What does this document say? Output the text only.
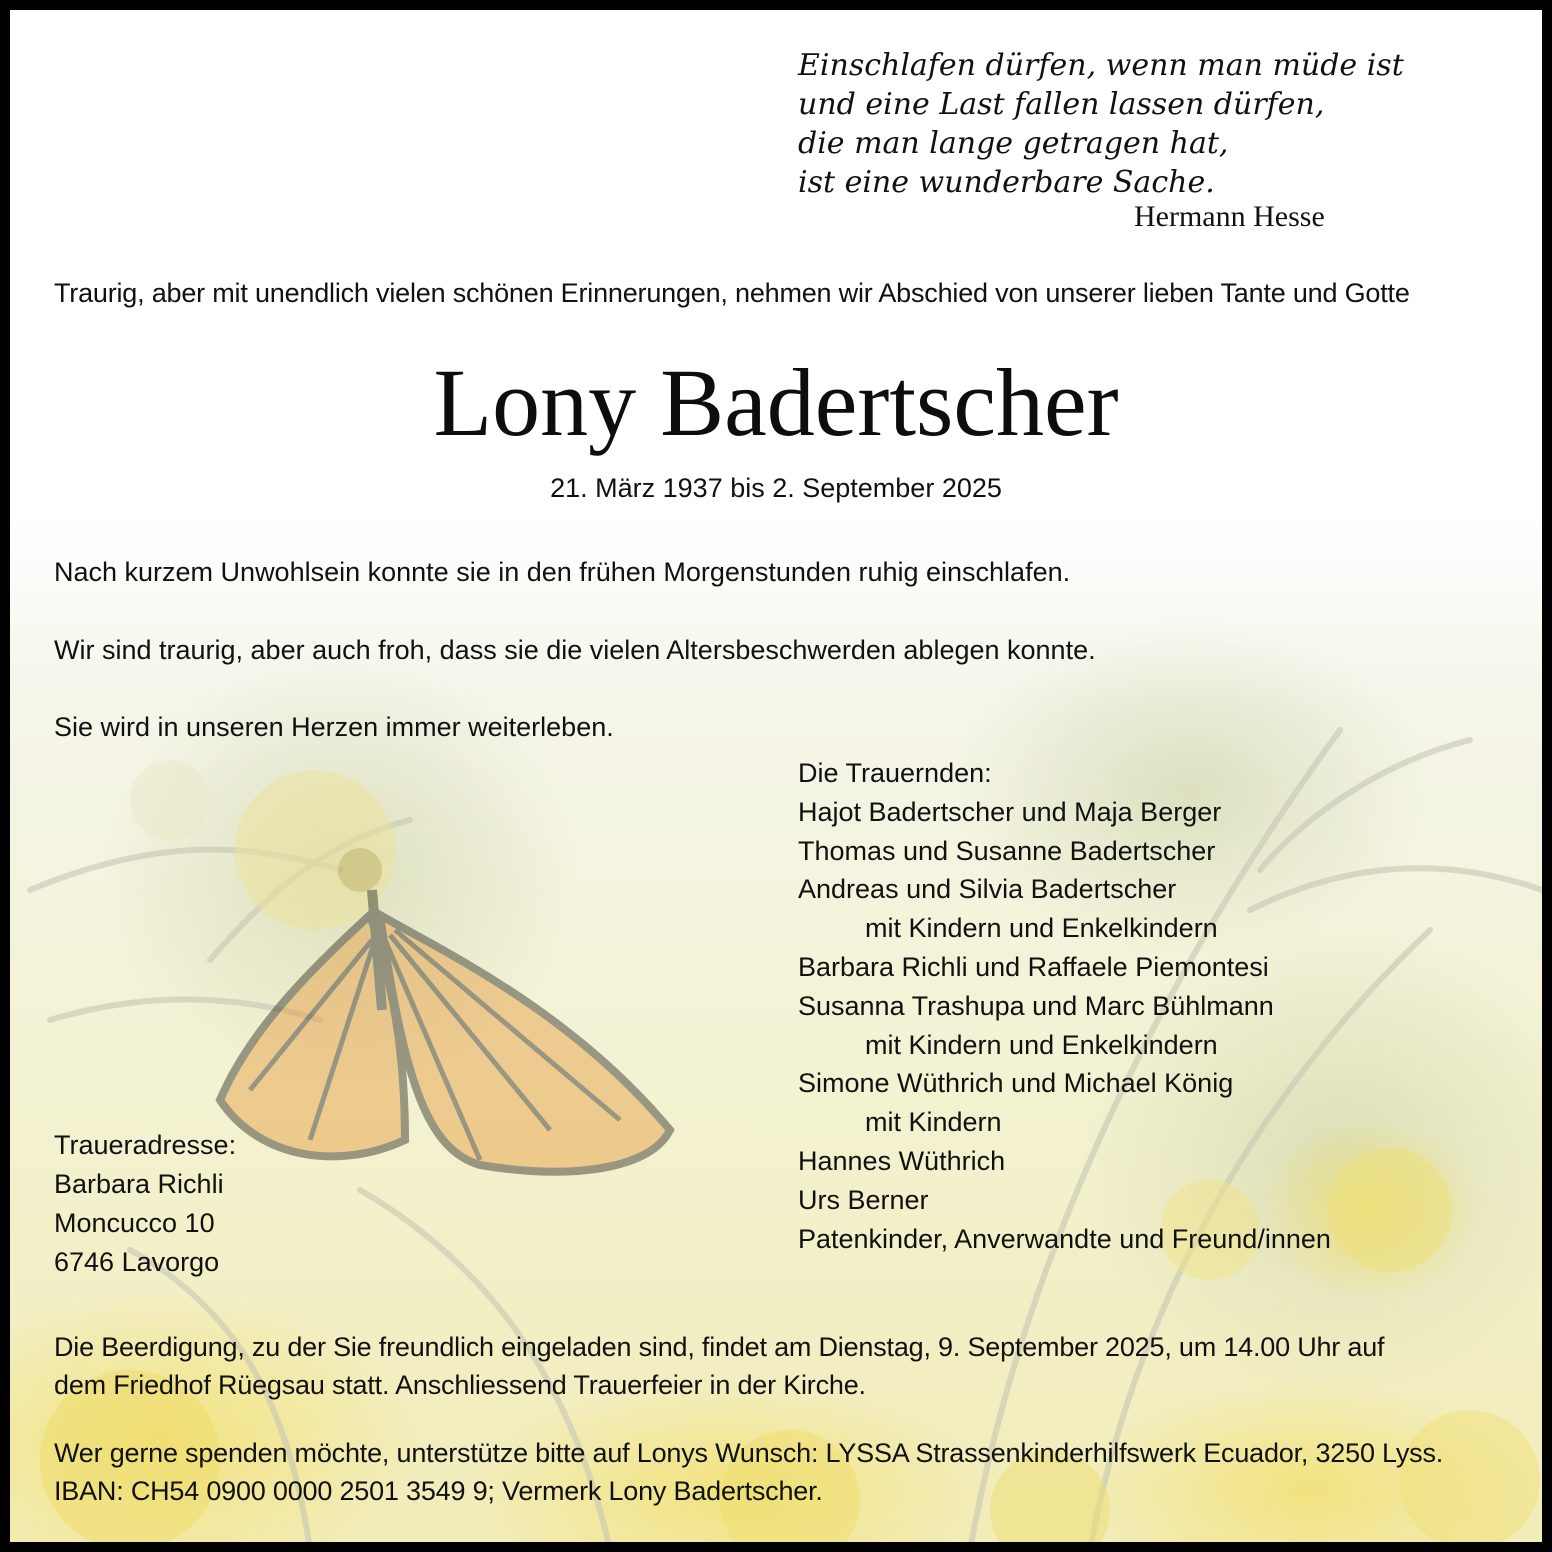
Einschlafen dürfen, wenn man müde ist
und eine Last fallen lassen dürfen,
die man lange getragen hat,
ist eine wunderbare Sache.
Hermann Hesse
Traurig, aber mit unendlich vielen schönen Erinnerungen, nehmen wir Abschied von unserer lieben Tante und Gotte
Lony Badertscher
21. März 1937 bis 2. September 2025
Nach kurzem Unwohlsein konnte sie in den frühen Morgenstunden ruhig einschlafen.
Wir sind traurig, aber auch froh, dass sie die vielen Altersbeschwerden ablegen konnte.
Sie wird in unseren Herzen immer weiterleben.
Die Trauernden:
Hajot Badertscher und Maja Berger
Thomas und Susanne Badertscher
Andreas und Silvia Badertscher
mit Kindern und Enkelkindern
Barbara Richli und Raffaele Piemontesi
Susanna Trashupa und Marc Bühlmann
mit Kindern und Enkelkindern
Simone Wüthrich und Michael König
mit Kindern
Hannes Wüthrich
Urs Berner
Patenkinder, Anverwandte und Freund/innen
Traueradresse:
Barbara Richli
Moncucco 10
6746 Lavorgo
Die Beerdigung, zu der Sie freundlich eingeladen sind, findet am Dienstag, 9. September 2025, um 14.00 Uhr auf
dem Friedhof Rüegsau statt. Anschliessend Trauerfeier in der Kirche.
Wer gerne spenden möchte, unterstütze bitte auf Lonys Wunsch: LYSSA Strassenkinderhilfswerk Ecuador, 3250 Lyss.
IBAN: CH54 0900 0000 2501 3549 9; Vermerk Lony Badertscher.
